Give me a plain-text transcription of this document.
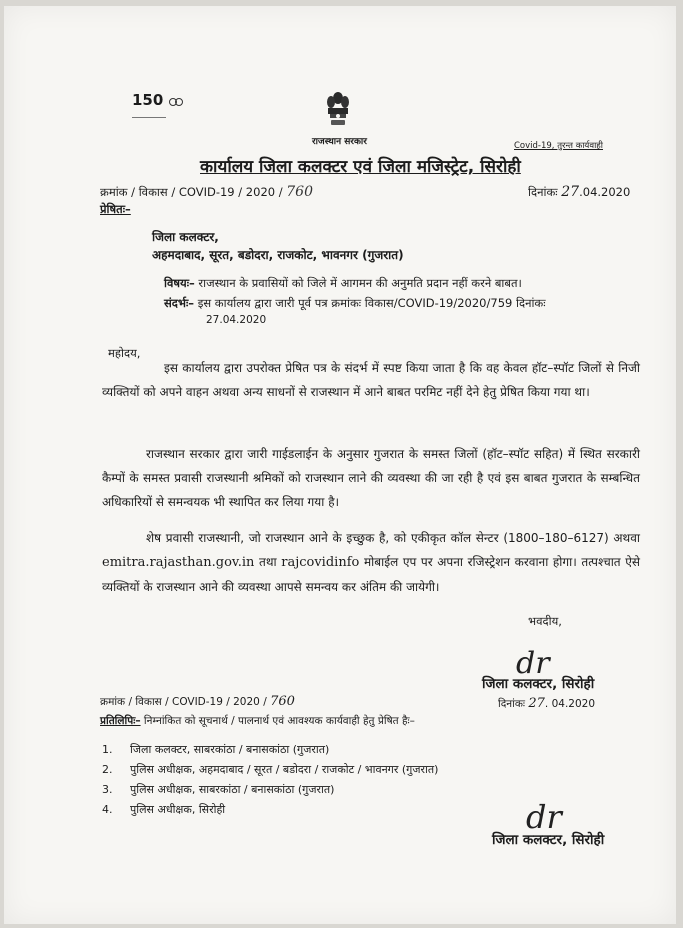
150
राजस्थान सरकार	Covid-19, तुरन्त कार्यवाही
कार्यालय जिला कलक्टर एवं जिला मजिस्ट्रेट, सिरोही
क्रमांक / विकास / COVID-19 / 2020 / 760	दिनांकः 27.04.2020
प्रेषितः–
जिला कलक्टर,
अहमदाबाद, सूरत, बडोदरा, राजकोट, भावनगर (गुजरात)
विषयः– राजस्थान के प्रवासियों को जिले में आगमन की अनुमति प्रदान नहीं करने बाबत।
संदर्भः– इस कार्यालय द्वारा जारी पूर्व पत्र क्रमांकः विकास/COVID-19/2020/759 दिनांकः
27.04.2020
महोदय,
इस कार्यालय द्वारा उपरोक्त प्रेषित पत्र के संदर्भ में स्पष्ट किया जाता है कि वह केवल हॉट–स्पॉट जिलों से निजी व्यक्तियों को अपने वाहन अथवा अन्य साधनों से राजस्थान में आने बाबत परमिट नहीं देने हेतु प्रेषित किया गया था।
राजस्थान सरकार द्वारा जारी गाईडलाईन के अनुसार गुजरात के समस्त जिलों (हॉट–स्पॉट सहित) में स्थित सरकारी कैम्पों के समस्त प्रवासी राजस्थानी श्रमिकों को राजस्थान लाने की व्यवस्था की जा रही है एवं इस बाबत गुजरात के सम्बन्धित अधिकारियों से समन्वयक भी स्थापित कर लिया गया है।
शेष प्रवासी राजस्थानी, जो राजस्थान आने के इच्छुक है, को एकीकृत कॉल सेन्टर (1800–180–6127) अथवा emitra.rajasthan.gov.in तथा rajcovidinfo मोबाईल एप पर अपना रजिस्ट्रेशन करवाना होगा। तत्पश्चात ऐसे व्यक्तियों के राजस्थान आने की व्यवस्था आपसे समन्वय कर अंतिम की जायेगी।
भवदीय,
dr
जिला कलक्टर, सिरोही
क्रमांक / विकास / COVID-19 / 2020 / 760	दिनांकः 27. 04.2020
प्रतिलिपिः– निम्नांकित को सूचनार्थ / पालनार्थ एवं आवश्यक कार्यवाही हेतु प्रेषित हैः–
1. जिला कलक्टर, साबरकांठा / बनासकांठा (गुजरात)
2. पुलिस अधीक्षक, अहमदाबाद / सूरत / बडोदरा / राजकोट / भावनगर (गुजरात)
3. पुलिस अधीक्षक, साबरकांठा / बनासकांठा (गुजरात)
4. पुलिस अधीक्षक, सिरोही	dr
जिला कलक्टर, सिरोही
